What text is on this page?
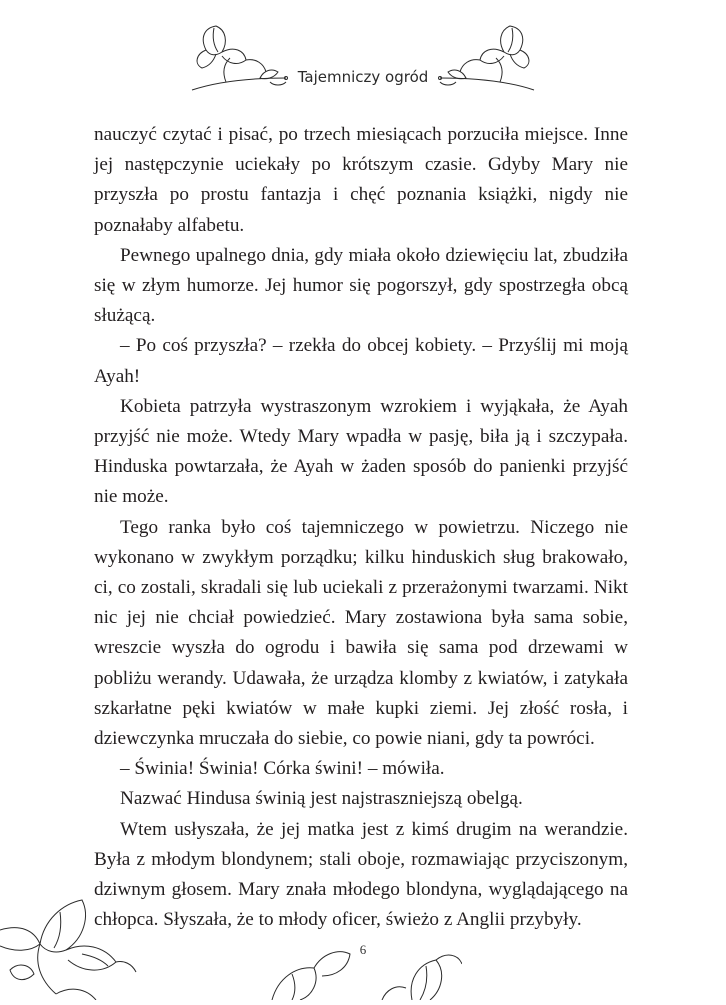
Tajemniczy ogród

nauczyć czytać i pisać, po trzech miesiącach porzuciła miejsce. Inne jej następczynie uciekały po krótszym czasie. Gdyby Mary nie przyszła po prostu fantazja i chęć poznania książki, nigdy nie poznałaby alfabetu.

Pewnego upalnego dnia, gdy miała około dziewięciu lat, zbudziła się w złym humorze. Jej humor się pogorszył, gdy spostrzegła obcą służącą.

– Po coś przyszła? – rzekła do obcej kobiety. – Przyślij mi moją Ayah!

Kobieta patrzyła wystraszonym wzrokiem i wyjąkała, że Ayah przyjść nie może. Wtedy Mary wpadła w pasję, biła ją i szczypała. Hinduska powtarzała, że Ayah w żaden sposób do panienki przyjść nie może.

Tego ranka było coś tajemniczego w powietrzu. Niczego nie wykonano w zwykłym porządku; kilku hinduskich sług brakowało, ci, co zostali, skradali się lub uciekali z przerażonymi twarzami. Nikt nic jej nie chciał powiedzieć. Mary zostawiona była sama sobie, wreszcie wyszła do ogrodu i bawiła się sama pod drzewami w pobliżu werandy. Udawała, że urządza klomby z kwiatów, i zatykała szkarłatne pęki kwiatów w małe kupki ziemi. Jej złość rosła, i dziewczynka mruczała do siebie, co powie niani, gdy ta powróci.

– Świnia! Świnia! Córka świni! – mówiła.

Nazwać Hindusa świnią jest najstraszniejszą obelgą.

Wtem usłyszała, że jej matka jest z kimś drugim na werandzie. Była z młodym blondynem; stali oboje, rozmawiając przyciszonym, dziwnym głosem. Mary znała młodego blondyna, wyglądającego na chłopca. Słyszała, że to młody oficer, świeżo z Anglii przybyły.

6
